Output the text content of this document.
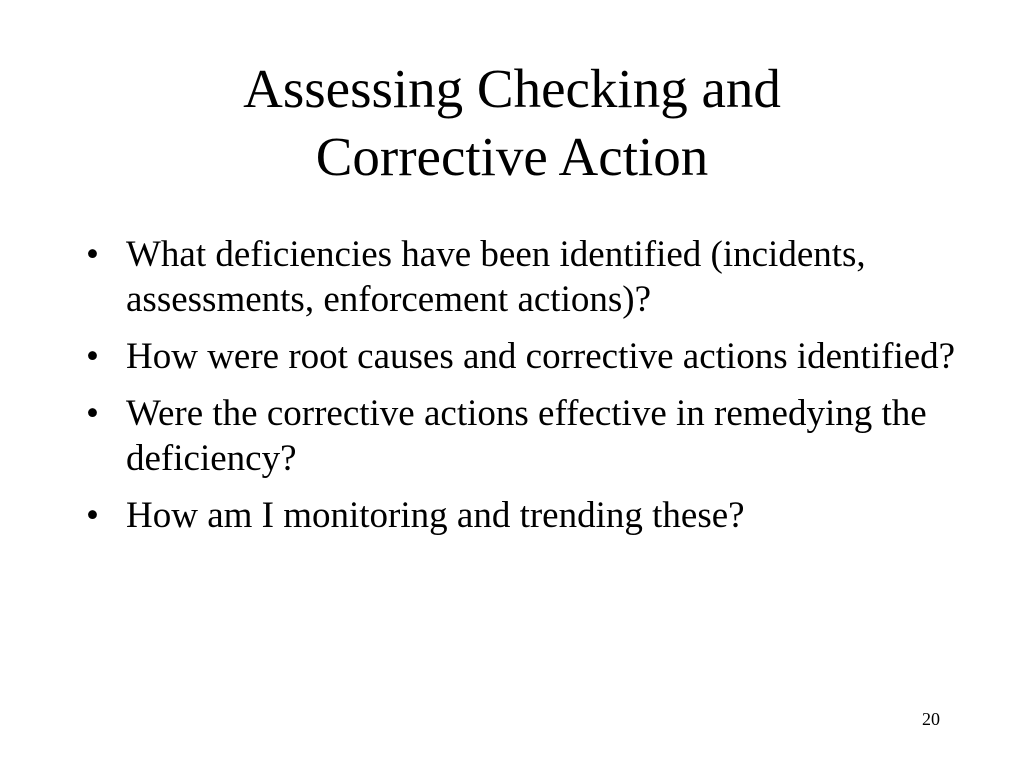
Assessing Checking and
Corrective Action
• What deficiencies have been identified (incidents, assessments, enforcement actions)?
• How were root causes and corrective actions identified?
• Were the corrective actions effective in remedying the deficiency?
• How am I monitoring and trending these?
20
